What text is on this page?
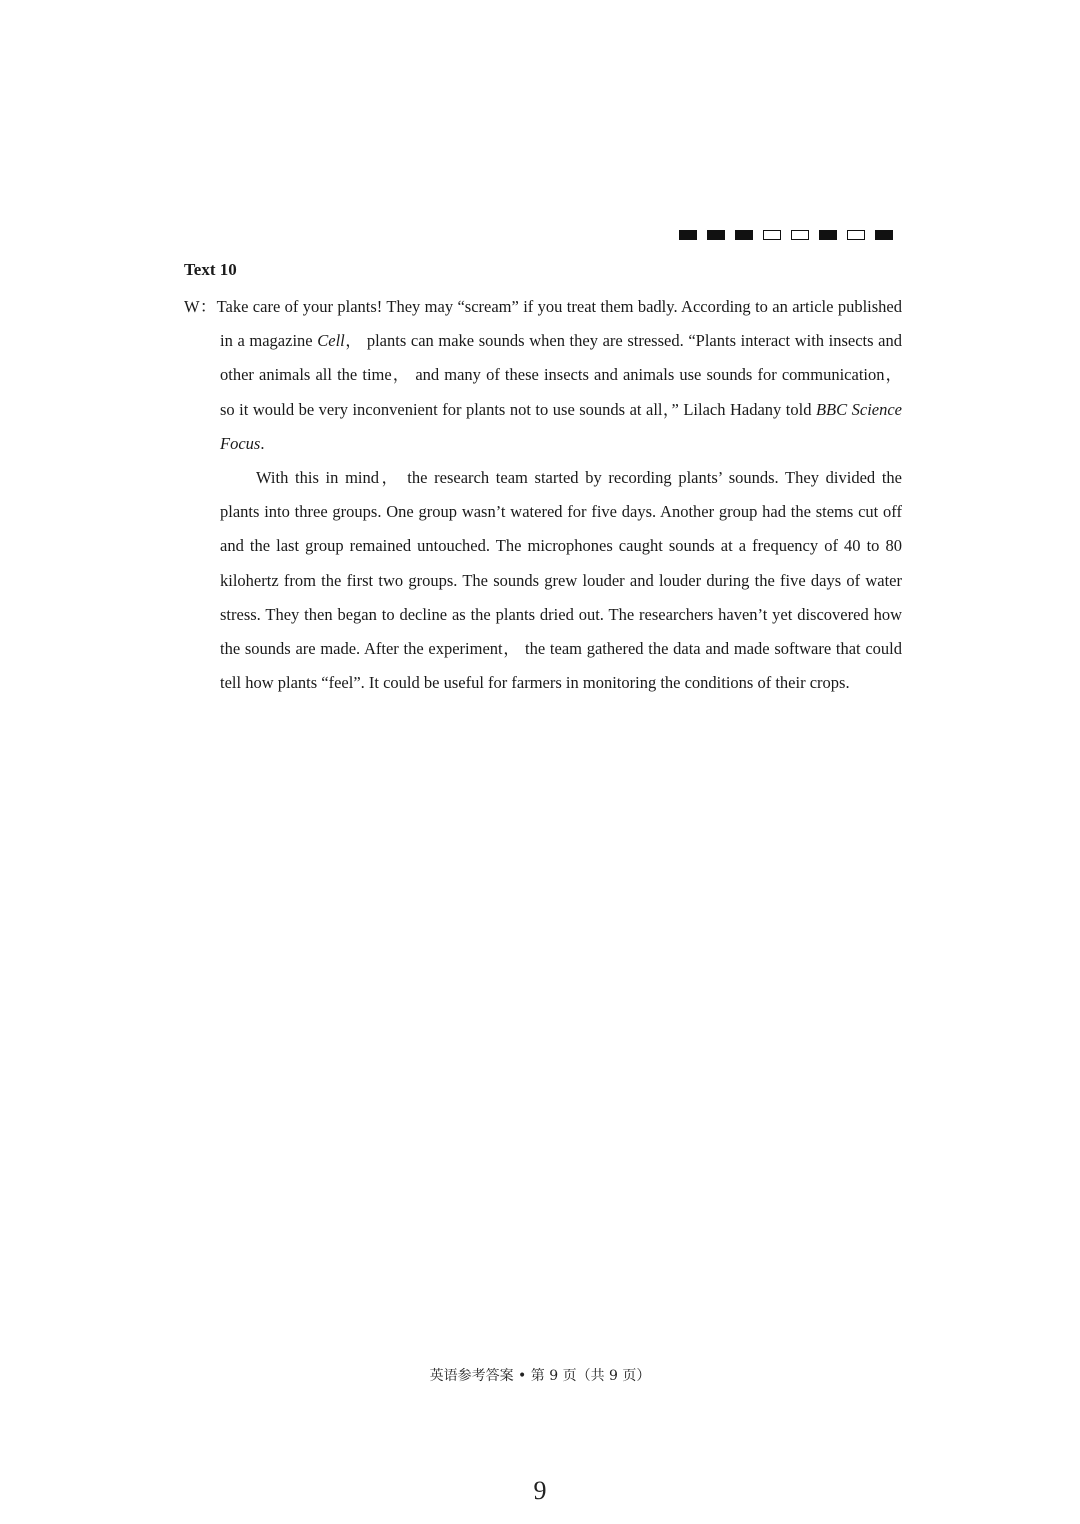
Text 10

W：Take care of your plants! They may “scream” if you treat them badly. According to an article published in a magazine Cell， plants can make sounds when they are stressed. “Plants interact with insects and other animals all the time， and many of these insects and animals use sounds for communication， so it would be very inconvenient for plants not to use sounds at all，” Lilach Hadany told BBC Science Focus.

With this in mind， the research team started by recording plants’ sounds. They divided the plants into three groups. One group wasn’t watered for five days. Another group had the stems cut off and the last group remained untouched. The microphones caught sounds at a frequency of 40 to 80 kilohertz from the first two groups. The sounds grew louder and louder during the five days of water stress. They then began to decline as the plants dried out. The researchers haven’t yet discovered how the sounds are made. After the experiment， the team gathered the data and made software that could tell how plants “feel”. It could be useful for farmers in monitoring the conditions of their crops.

英语参考答案 • 第 9 页（共 9 页）
9
